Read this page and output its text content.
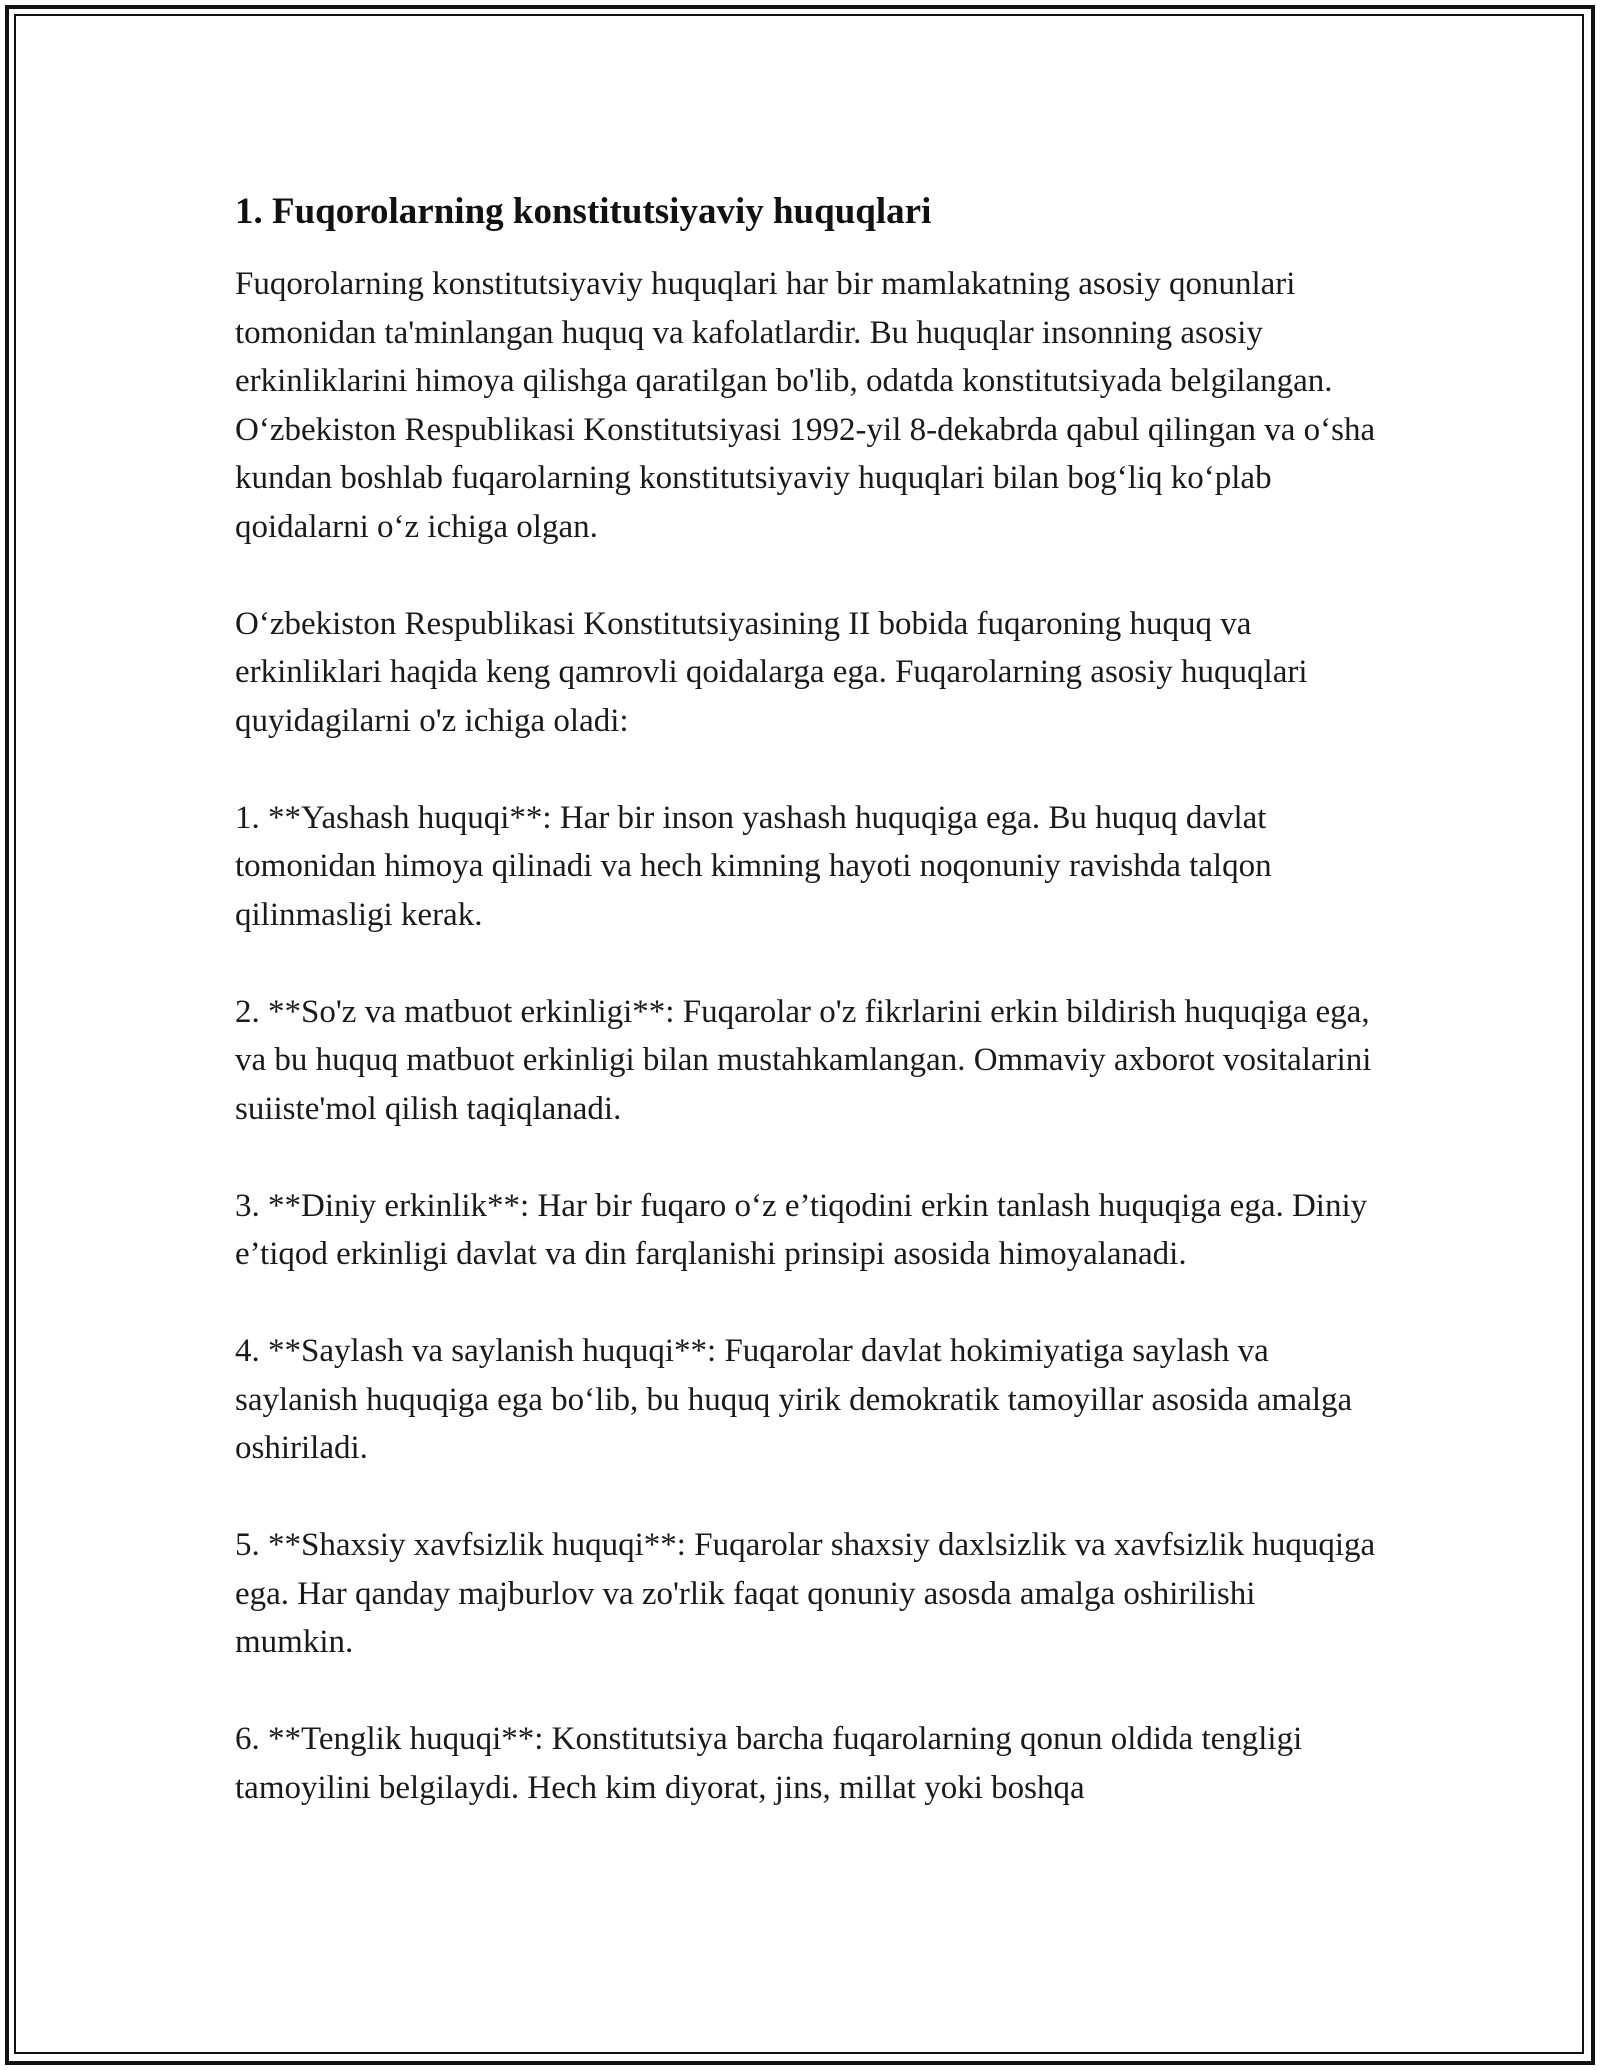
1. Fuqorolarning konstitutsiyaviy huquqlari

Fuqorolarning konstitutsiyaviy huquqlari har bir mamlakatning asosiy qonunlari tomonidan ta'minlangan huquq va kafolatlardir. Bu huquqlar insonning asosiy erkinliklarini himoya qilishga qaratilgan bo'lib, odatda konstitutsiyada belgilangan. O‘zbekiston Respublikasi Konstitutsiyasi 1992-yil 8-dekabrda qabul qilingan va o‘sha kundan boshlab fuqarolarning konstitutsiyaviy huquqlari bilan bog‘liq ko‘plab qoidalarni o‘z ichiga olgan.

O‘zbekiston Respublikasi Konstitutsiyasining II bobida fuqaroning huquq va erkinliklari haqida keng qamrovli qoidalarga ega. Fuqarolarning asosiy huquqlari quyidagilarni o'z ichiga oladi:

1. **Yashash huquqi**: Har bir inson yashash huquqiga ega. Bu huquq davlat tomonidan himoya qilinadi va hech kimning hayoti noqonuniy ravishda talqon qilinmasligi kerak.

2. **So'z va matbuot erkinligi**: Fuqarolar o'z fikrlarini erkin bildirish huquqiga ega, va bu huquq matbuot erkinligi bilan mustahkamlangan. Ommaviy axborot vositalarini suiiste'mol qilish taqiqlanadi.

3. **Diniy erkinlik**: Har bir fuqaro o‘z e’tiqodini erkin tanlash huquqiga ega. Diniy e’tiqod erkinligi davlat va din farqlanishi prinsipi asosida himoyalanadi.

4. **Saylash va saylanish huquqi**: Fuqarolar davlat hokimiyatiga saylash va saylanish huquqiga ega bo‘lib, bu huquq yirik demokratik tamoyillar asosida amalga oshiriladi.

5. **Shaxsiy xavfsizlik huquqi**: Fuqarolar shaxsiy daxlsizlik va xavfsizlik huquqiga ega. Har qanday majburlov va zo'rlik faqat qonuniy asosda amalga oshirilishi mumkin.

6. **Tenglik huquqi**: Konstitutsiya barcha fuqarolarning qonun oldida tengligi tamoyilini belgilaydi. Hech kim diyorat, jins, millat yoki boshqa
